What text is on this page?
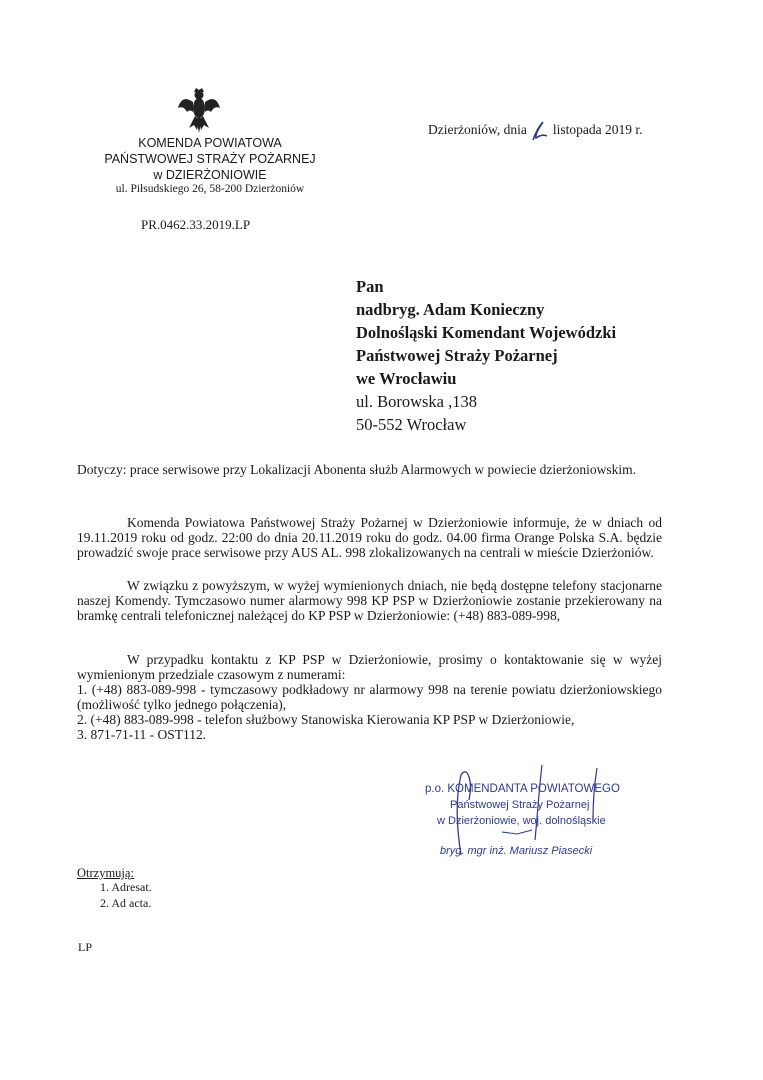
KOMENDA POWIATOWA
PAŃSTWOWEJ STRAŻY POŻARNEJ
w DZIERŻONIOWIE
ul. Piłsudskiego 26, 58-200 Dzierżoniów
PR.0462.33.2019.LP
Dzierżoniów, dnia listopada 2019 r.
Pan
nadbryg. Adam Konieczny
Dolnośląski Komendant Wojewódzki
Państwowej Straży Pożarnej
we Wrocławiu
ul. Borowska ,138
50-552 Wrocław
Dotyczy: prace serwisowe przy Lokalizacji Abonenta służb Alarmowych w powiecie dzierżoniowskim.
Komenda Powiatowa Państwowej Straży Pożarnej w Dzierżoniowie informuje, że w dniach od 19.11.2019 roku od godz. 22:00 do dnia 20.11.2019 roku do godz. 04.00 firma Orange Polska S.A. będzie prowadzić swoje prace serwisowe przy AUS AL. 998 zlokalizowanych na centrali w mieście Dzierżoniów.
W związku z powyższym, w wyżej wymienionych dniach, nie będą dostępne telefony stacjonarne naszej Komendy. Tymczasowo numer alarmowy 998 KP PSP w Dzierżoniowie zostanie przekierowany na bramkę centrali telefonicznej należącej do KP PSP w Dzierżoniowie: (+48) 883-089-998,
W przypadku kontaktu z KP PSP w Dzierżoniowie, prosimy o kontaktowanie się w wyżej wymienionym przedziale czasowym z numerami:
1. (+48) 883-089-998 - tymczasowy podkładowy nr alarmowy 998 na terenie powiatu dzierżoniowskiego (możliwość tylko jednego połączenia),
2. (+48) 883-089-998 - telefon służbowy Stanowiska Kierowania KP PSP w Dzierżoniowie,
3. 871-71-11 - OST112.
p.o. KOMENDANTA POWIATOWEGO
Państwowej Straży Pożarnej
w Dzierżoniowie, woj. dolnośląskie
bryg. mgr inż. Mariusz Piasecki
Otrzymują:
1. Adresat.
2. Ad acta.
LP
